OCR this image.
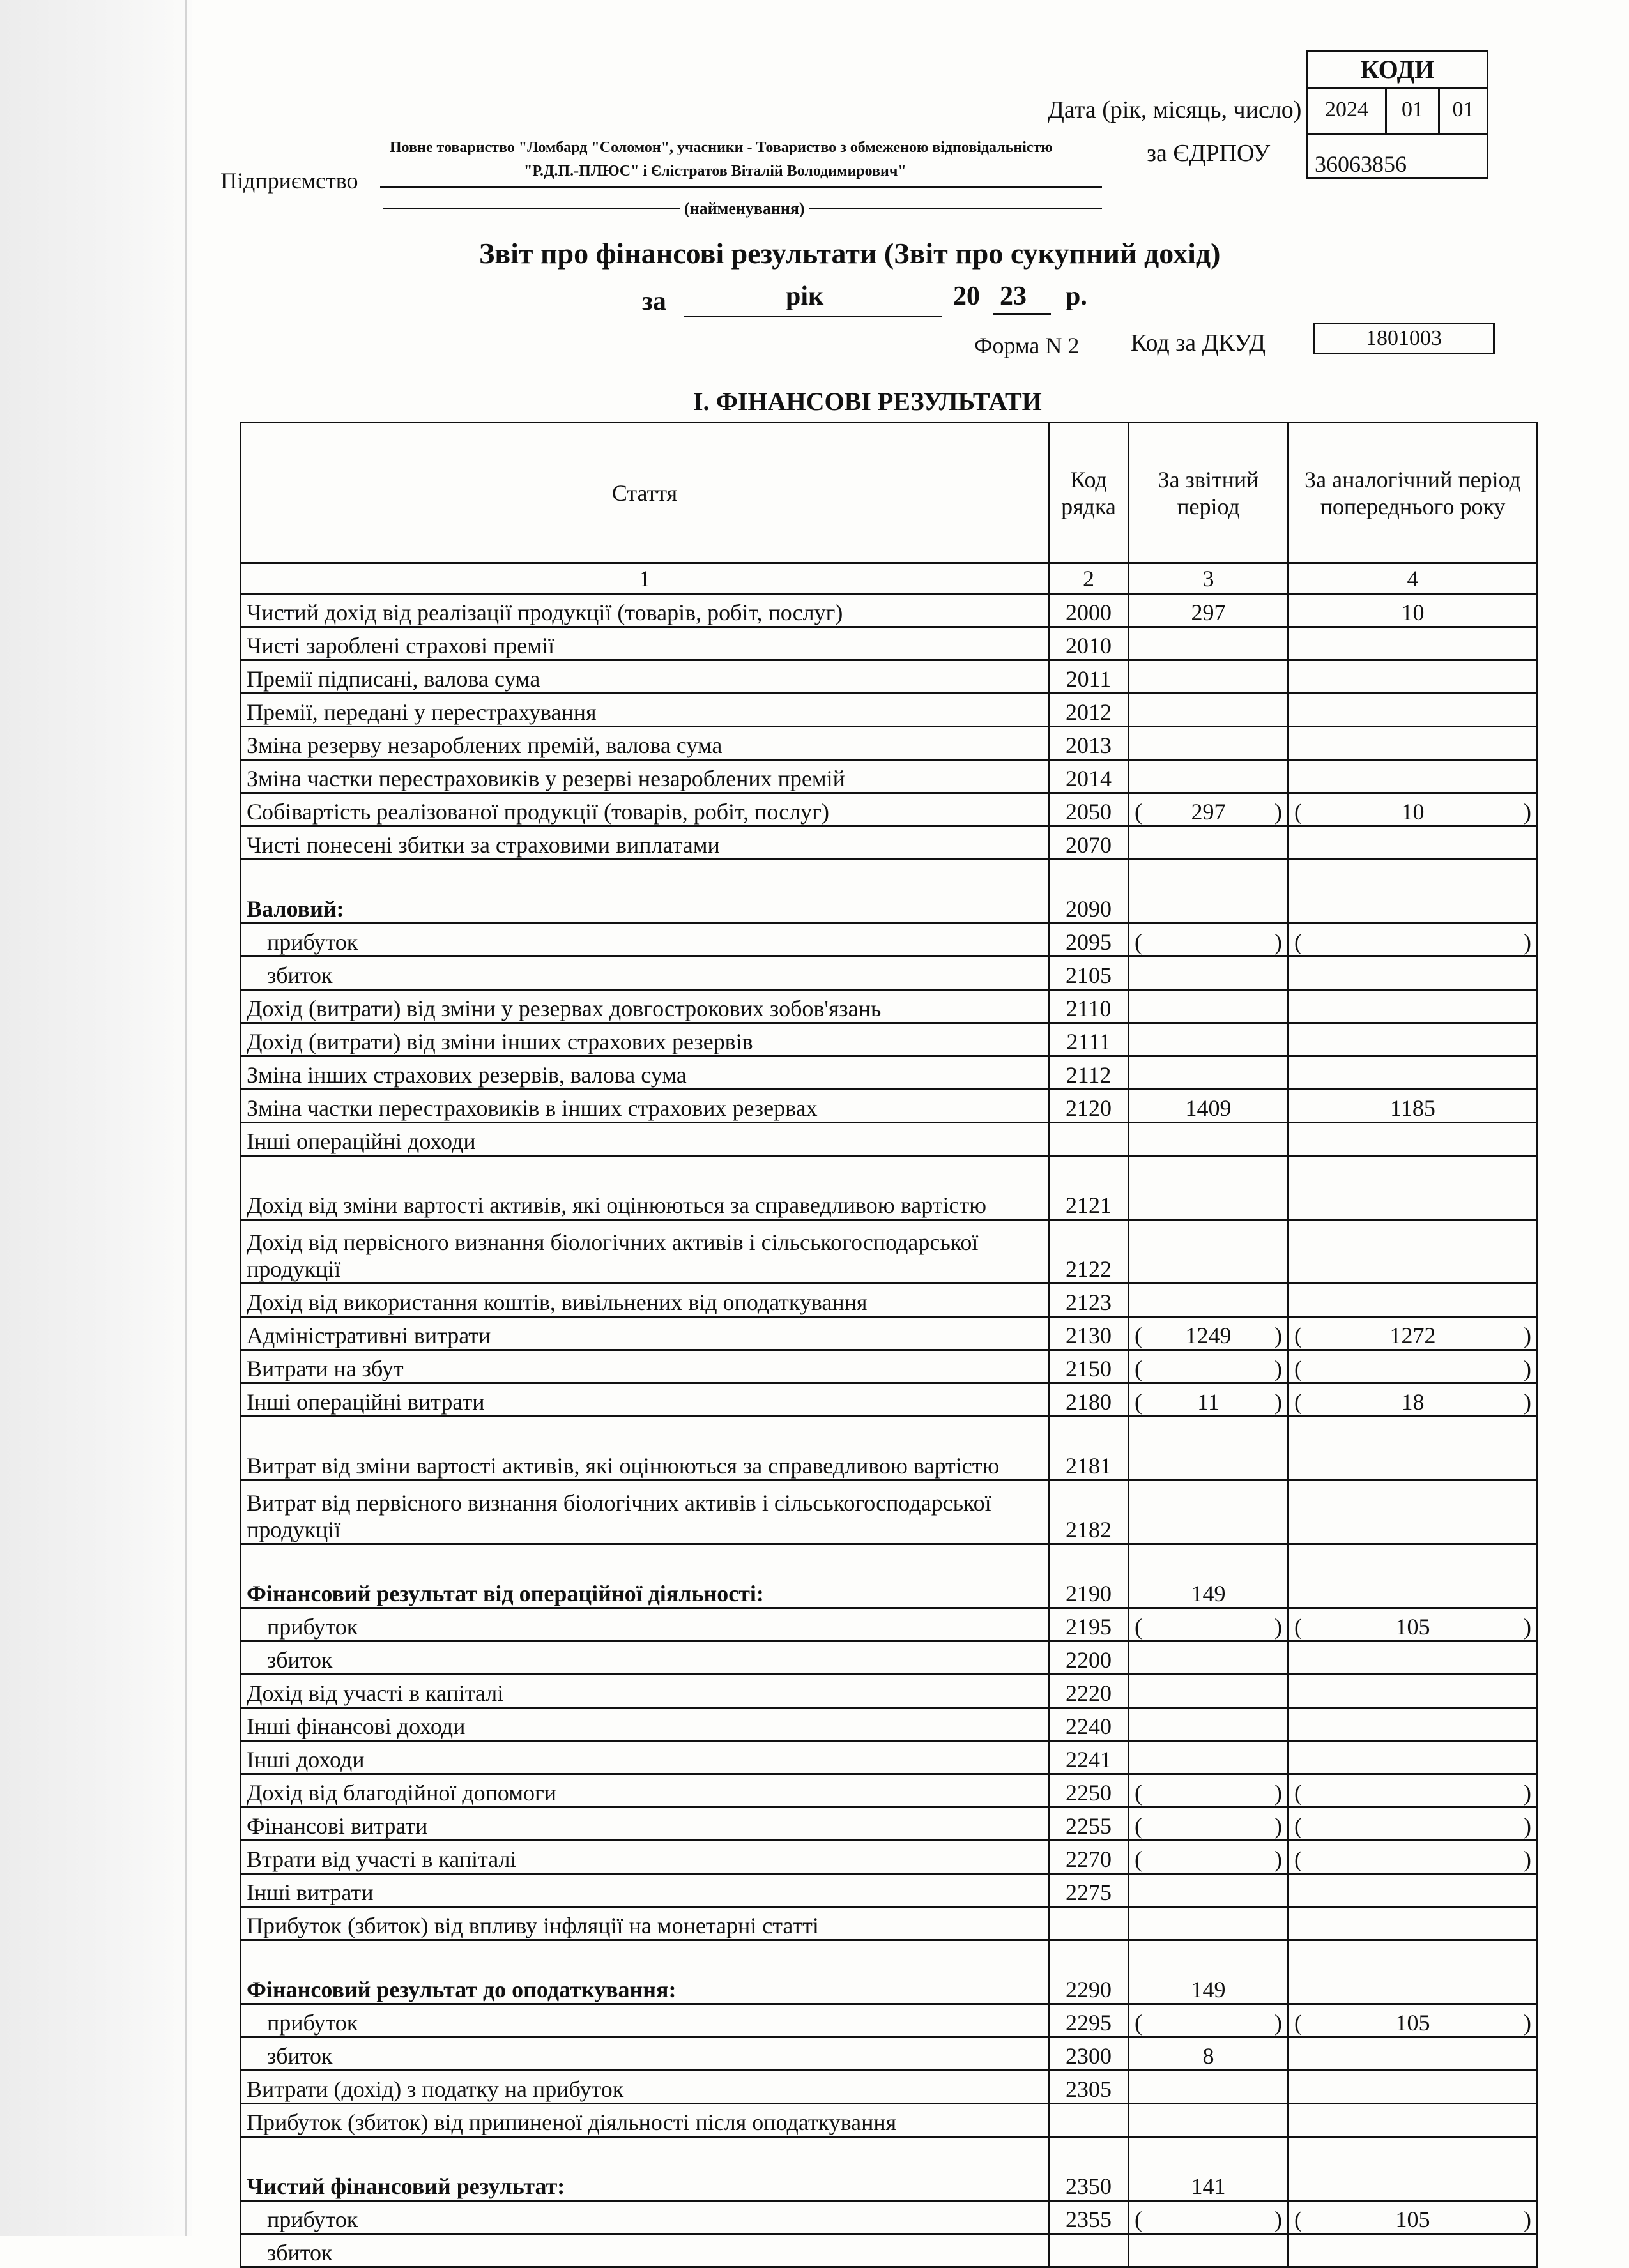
КОДИ
2024	01	01
36063856
Дата (рік, місяць, число)
Підприємство
Повне товариство "Ломбард "Соломон", учасники - Товариство з обмеженою відповідальністю
"Р.Д.П.-ПЛЮС" і Єлістратов Віталій Володимирович"
за ЄДРПОУ
(найменування)
Звіт про фінансові результати (Звіт про сукупний дохід)
за	рік	20 23 р.
Форма N 2 Код за ДКУД	1801003
І. ФІНАНСОВІ РЕЗУЛЬТАТИ
Стаття	Код рядка	За звітний період	За аналогічний період попереднього року
1	2	3	4
Чистий дохід від реалізації продукції (товарів, робіт, послуг)	2000	297	10
Чисті зароблені страхові премії	2010		
Премії підписані, валова сума	2011		
Премії, передані у перестрахування	2012		
Зміна резерву незароблених премій, валова сума	2013		
Зміна частки перестраховиків у резерві незароблених премій	2014		
Собівартість реалізованої продукції (товарів, робіт, послуг)	2050	( 297 )	( 10 )

Чисті понесені збитки за страховими виплатами	2070		
Валовий:	2090		
прибуток	2095	( )	( )

збиток	2105		
Дохід (витрати) від зміни у резервах довгострокових зобов'язань	2110		
Дохід (витрати) від зміни інших страхових резервів	2111		
Зміна інших страхових резервів, валова сума	2112		
Зміна частки перестраховиків в інших страхових резервах	2120	1409	1185
Інші операційні доходи			
Дохід від зміни вартості активів, які оцінюються за справедливою вартістю	2121		
Дохід від первісного визнання біологічних активів і сільськогосподарської продукції	2122		
Дохід від використання коштів, вивільнених від оподаткування	2123		
Адміністративні витрати	2130	( 1249 )	( 1272 )

Витрати на збут	2150	( )	( )

Інші операційні витрати	2180	( 11 )	( 18 )

Витрат від зміни вартості активів, які оцінюються за справедливою вартістю	2181		
Витрат від первісного визнання біологічних активів і сільськогосподарської продукції	2182		
Фінансовий результат від операційної діяльності:	2190	149	
прибуток	2195	( )	( 105 )

збиток	2200		
Дохід від участі в капіталі	2220		
Інші фінансові доходи	2240		
Інші доходи	2241		
Дохід від благодійної допомоги	2250	( )	( )

Фінансові витрати	2255	( )	( )

Втрати від участі в капіталі	2270	( )	( )

Інші витрати	2275		
Прибуток (збиток) від впливу інфляції на монетарні статті			
Фінансовий результат до оподаткування:	2290	149	
прибуток	2295	( )	( 105 )

збиток	2300	8	
Витрати (дохід) з податку на прибуток	2305		
Прибуток (збиток) від припиненої діяльності після оподаткування			
Чистий фінансовий результат:	2350	141	
прибуток	2355	( )	( 105 )

збиток			
